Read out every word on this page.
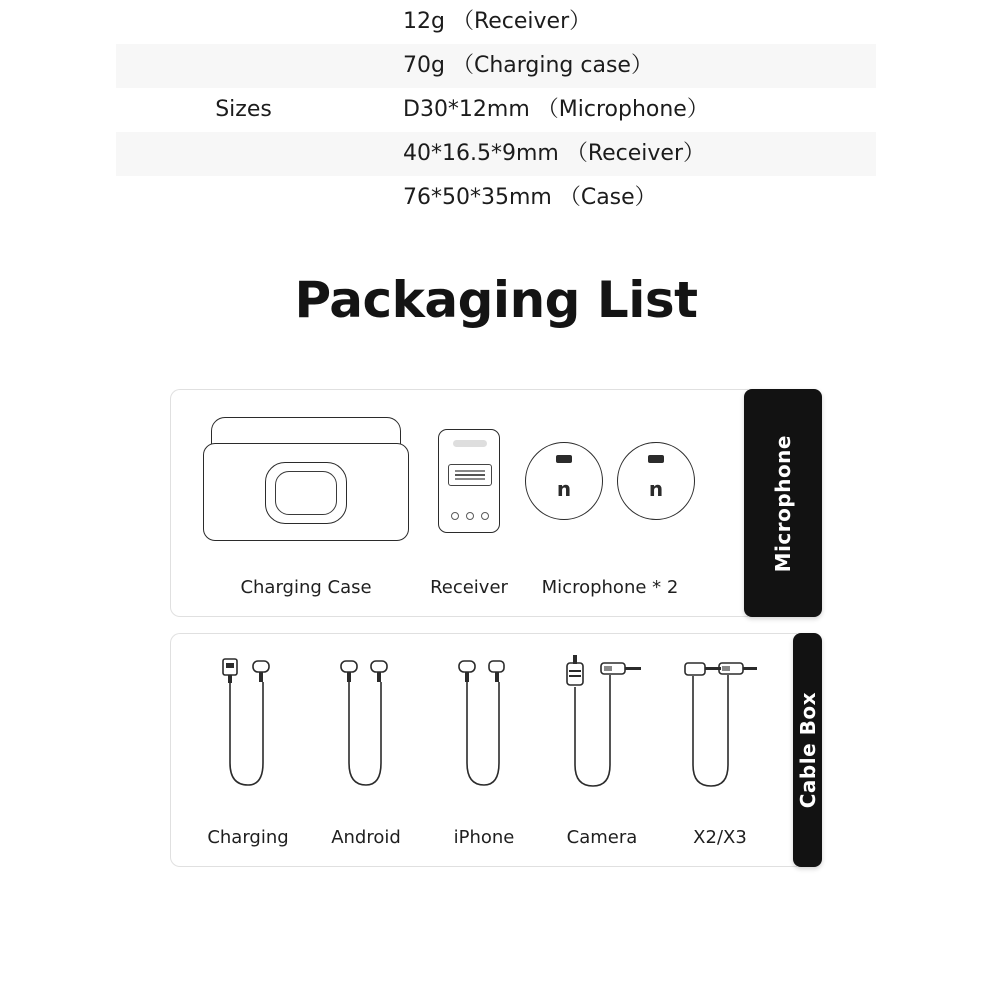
	12g （Receiver）
	70g （Charging case）
Sizes	D30*12mm （Microphone）
	40*16.5*9mm （Receiver）
	76*50*35mm （Case）
Packaging List
Charging Case	Receiver
n	n
Microphone * 2
Microphone
Charging Android	iPhone	Camera	X2/X3
Cable Box
